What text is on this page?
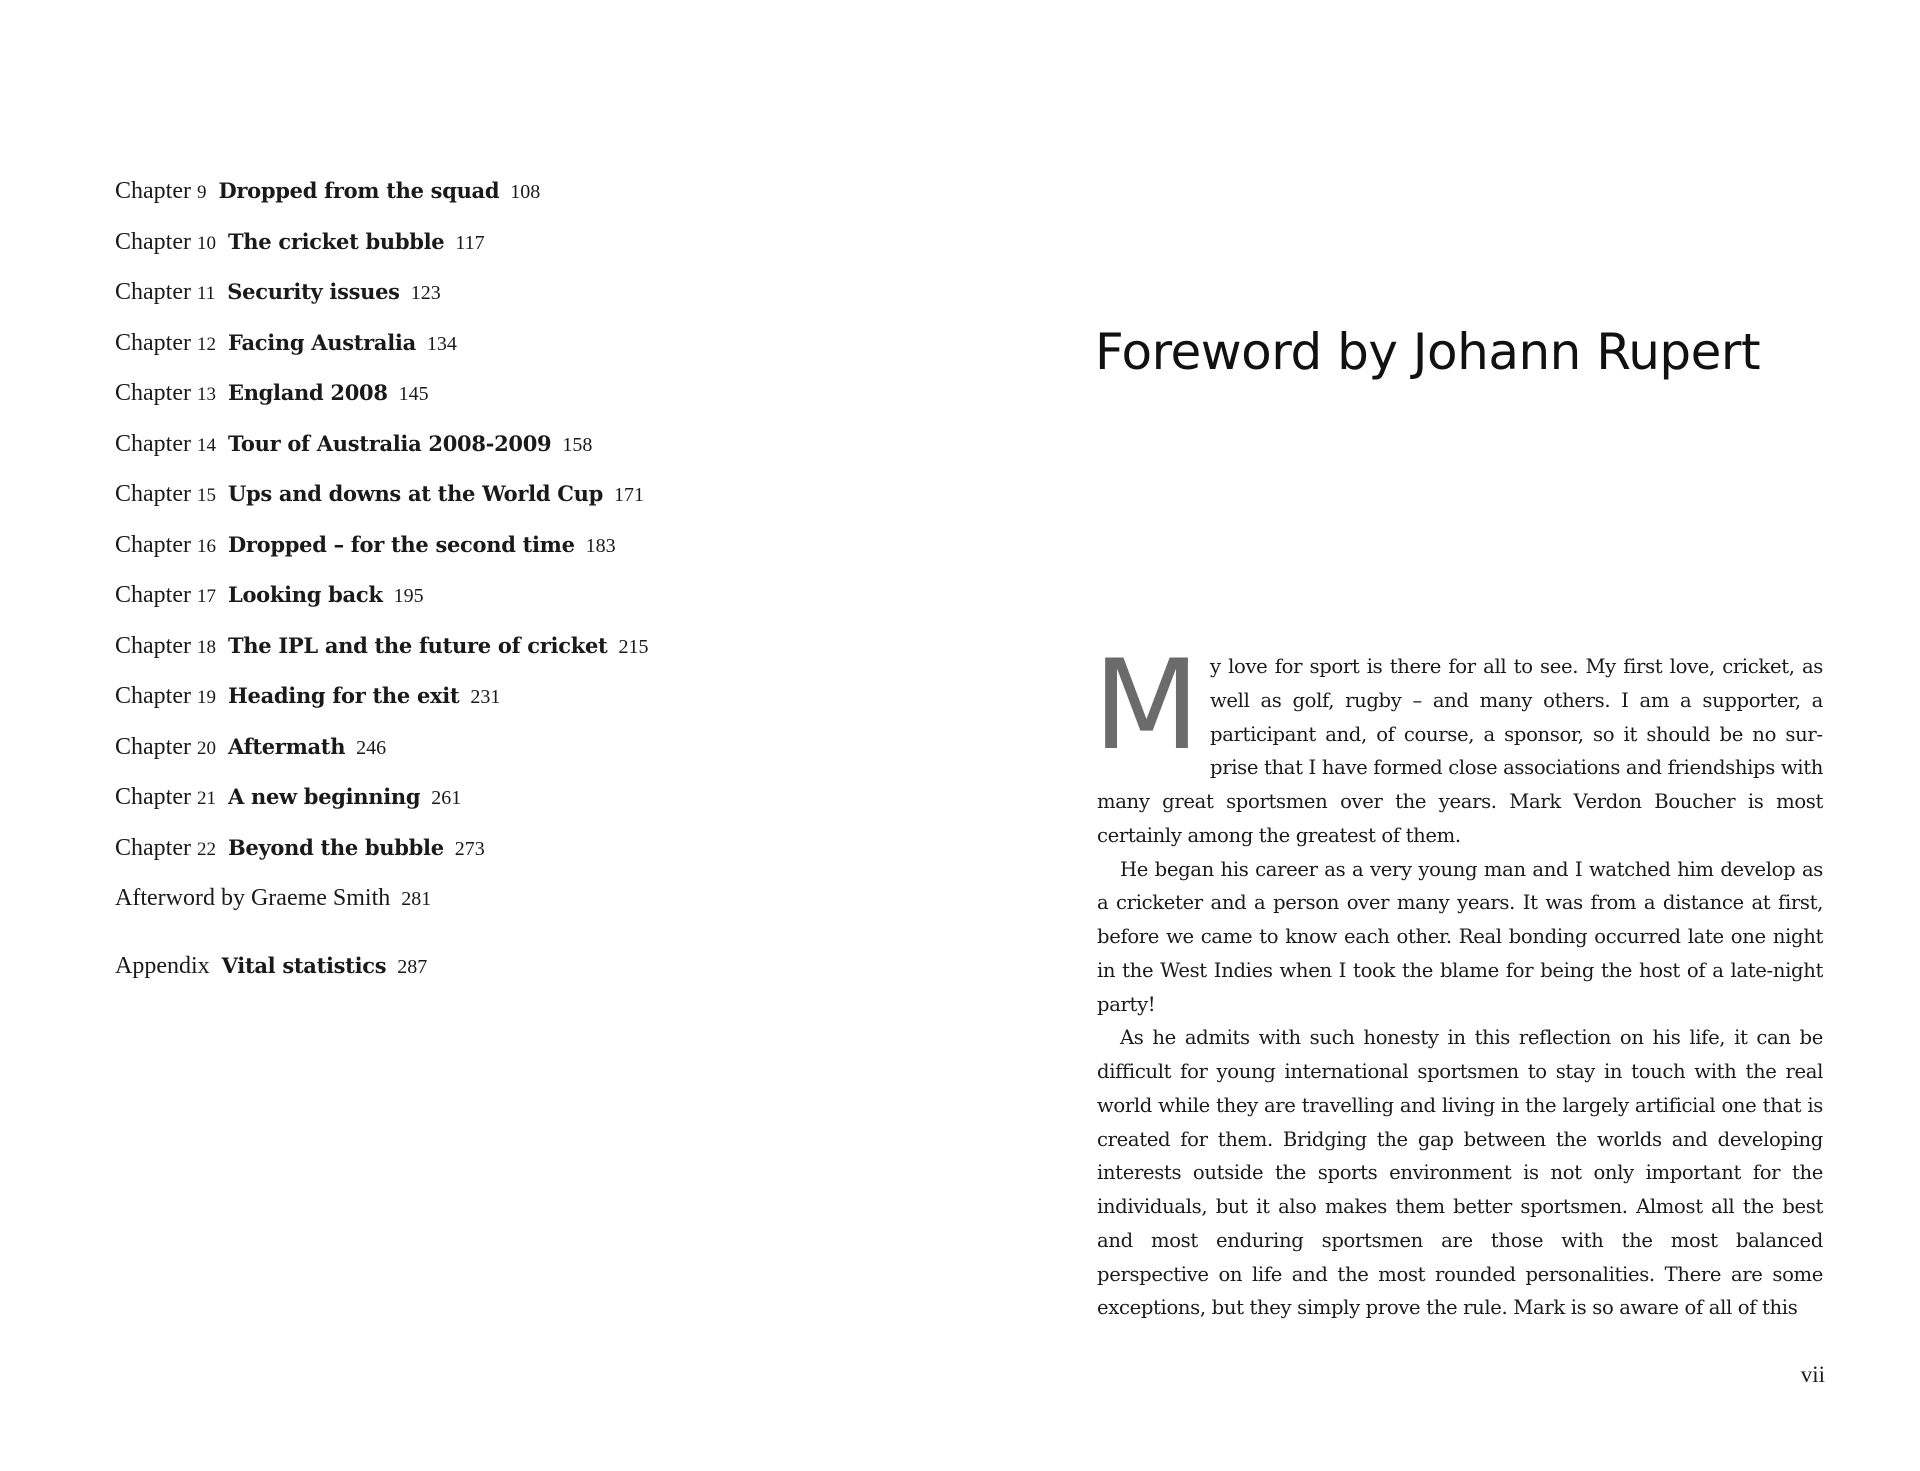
Chapter 9 Dropped from the squad 108
Chapter 10 The cricket bubble 117
Chapter 11 Security issues 123
Chapter 12 Facing Australia 134
Chapter 13 England 2008 145
Chapter 14 Tour of Australia 2008-2009 158
Chapter 15 Ups and downs at the World Cup 171
Chapter 16 Dropped – for the second time 183
Chapter 17 Looking back 195
Chapter 18 The IPL and the future of cricket 215
Chapter 19 Heading for the exit 231
Chapter 20 Aftermath 246
Chapter 21 A new beginning 261
Chapter 22 Beyond the bubble 273
Afterword by Graeme Smith 281
Appendix Vital statistics 287
Foreword by Johann Rupert

My love for sport is there for all to see. My first love, cricket, as well as golf, rugby – and many others. I am a supporter, a participant and, of course, a sponsor, so it should be no surprise that I have formed close associations and friendships with many great sportsmen over the years. Mark Verdon Boucher is most certainly among the greatest of them.

He began his career as a very young man and I watched him develop as a cricketer and a person over many years. It was from a distance at first, before we came to know each other. Real bonding occurred late one night in the West Indies when I took the blame for being the host of a late-night party!

As he admits with such honesty in this reflection on his life, it can be difficult for young international sportsmen to stay in touch with the real world while they are travelling and living in the largely artificial one that is created for them. Bridging the gap between the worlds and developing interests outside the sports environment is not only important for the individuals, but it also makes them better sportsmen. Almost all the best and most enduring sportsmen are those with the most balanced perspective on life and the most rounded personalities. There are some exceptions, but they simply prove the rule. Mark is so aware of all of this

vii
